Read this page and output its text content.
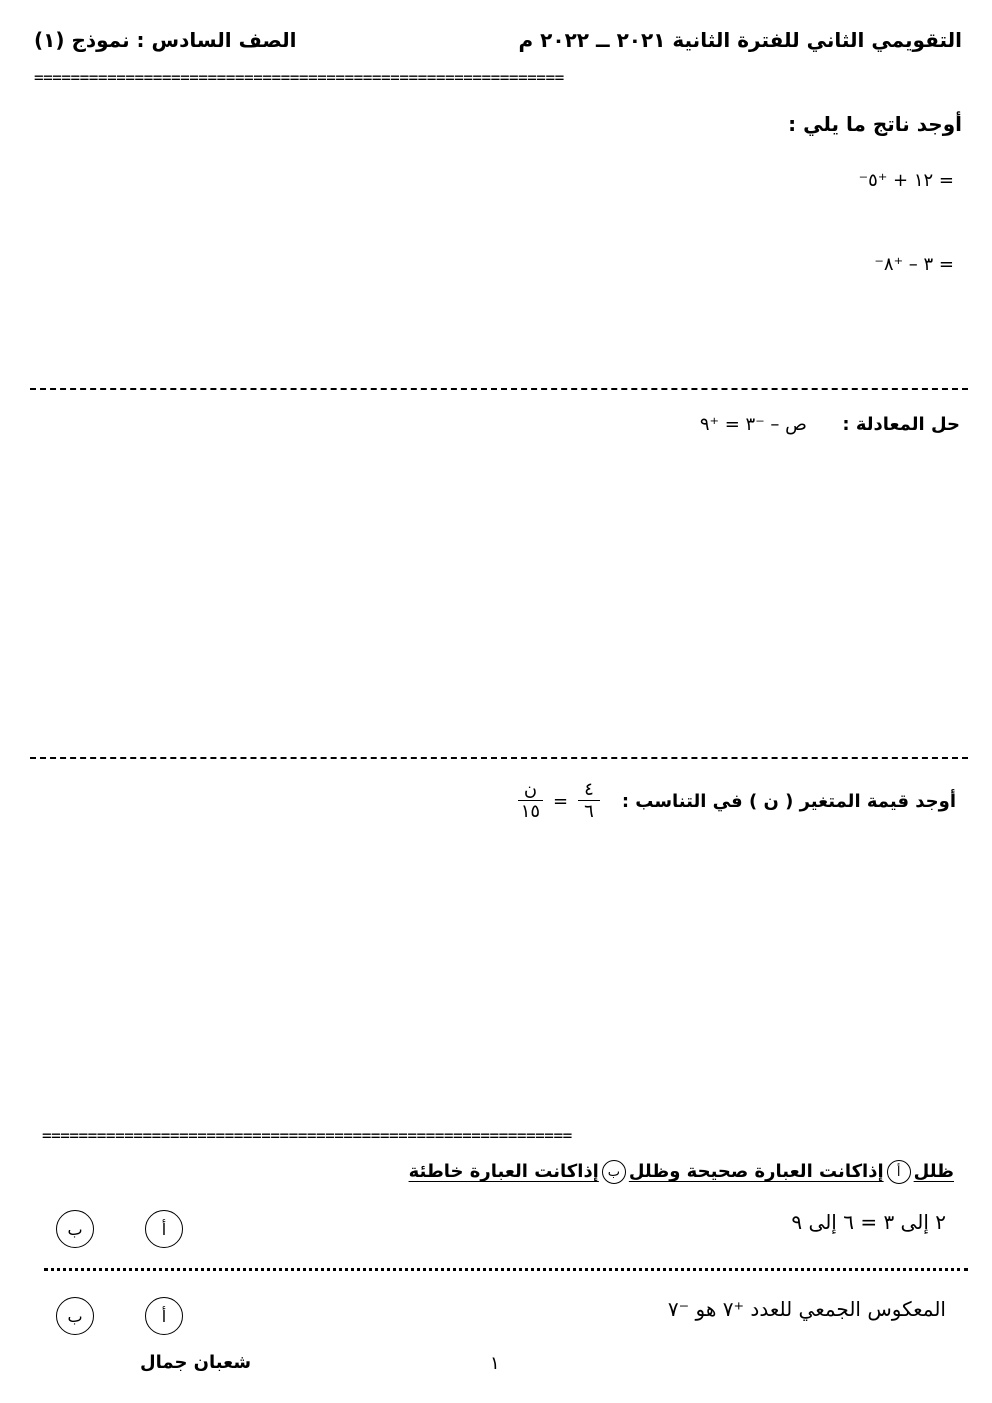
التقويمي الثاني للفترة الثانية ٢٠٢١ ــ ٢٠٢٢ م
الصف السادس : نموذج (١)
==========================================================
أوجد ناتج ما يلي :
⁻١٢ + ⁺٥ =
⁻٣ – ⁺٨ =
حل المعادلة :  ص – ⁻٣ = ⁺٩
أوجد قيمة المتغير ( ن ) في التناسب :
$\frac{٤}{٦}$
=
$\frac{\text{ن}}{١٥}$
==========================================================
ظللأإذاكانت العبارة صحيحة وظللبإذاكانت العبارة خاطئة
٢ إلى ٣ = ٦ إلى ٩
أ
ب
المعكوس الجمعي للعدد ⁺٧ هو ⁻٧
أ
ب
١
شعبان جمال
